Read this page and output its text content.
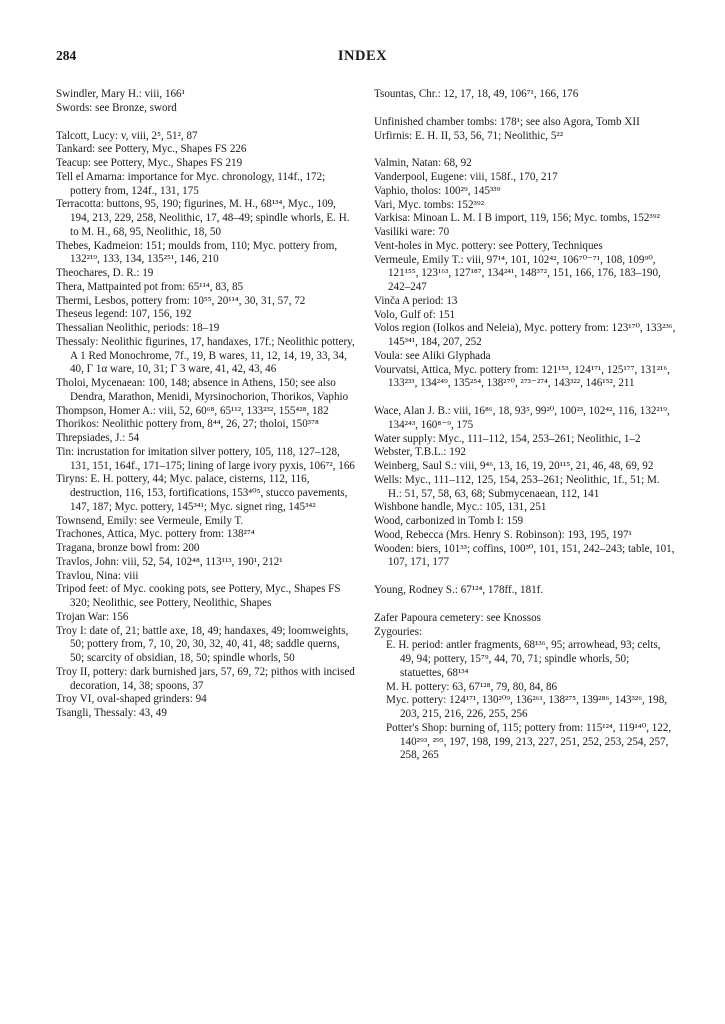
284	INDEX

Swindler, Mary H.: viii, 166¹

Swords: see Bronze, sword

Talcott, Lucy: v, viii, 2⁵, 51², 87

Tankard: see Pottery, Myc., Shapes FS 226

Teacup: see Pottery, Myc., Shapes FS 219

Tell el Amarna: importance for Myc. chronology, 114f., 172; pottery from, 124f., 131, 175

Terracotta: buttons, 95, 190; figurines, M. H., 68¹³⁴, Myc., 109, 194, 213, 229, 258, Neolithic, 17, 48–49; spindle whorls, E. H. to M. H., 68, 95, Neolithic, 18, 50

Thebes, Kadmeion: 151; moulds from, 110; Myc. pottery from, 132²¹⁹, 133, 134, 135²⁵¹, 146, 210

Theochares, D. R.: 19

Thera, Mattpainted pot from: 65¹¹⁴, 83, 85

Thermi, Lesbos, pottery from: 10⁵⁵, 20¹¹⁴, 30, 31, 57, 72

Theseus legend: 107, 156, 192

Thessalian Neolithic, periods: 18–19

Thessaly: Neolithic figurines, 17, handaxes, 17f.; Neolithic pottery, A 1 Red Monochrome, 7f., 19, B wares, 11, 12, 14, 19, 33, 34, 40, Γ 1α ware, 10, 31; Γ 3 ware, 41, 42, 43, 46

Tholoi, Mycenaean: 100, 148; absence in Athens, 150; see also Dendra, Marathon, Menidi, Myrsinochorion, Thorikos, Vaphio

Thompson, Homer A.: viii, 52, 60⁶⁸, 65¹¹², 133²³², 155⁴²⁸, 182

Thorikos: Neolithic pottery from, 8⁴⁴, 26, 27; tholoi, 150³⁷⁸

Threpsiades, J.: 54

Tin: incrustation for imitation silver pottery, 105, 118, 127–128, 131, 151, 164f., 171–175; lining of large ivory pyxis, 106⁷², 166

Tiryns: E. H. pottery, 44; Myc. palace, cisterns, 112, 116, destruction, 116, 153, fortifications, 153⁴⁰⁵, stucco pavements, 147, 187; Myc. pottery, 145³⁴¹; Myc. signet ring, 145³⁴²

Townsend, Emily: see Vermeule, Emily T.

Trachones, Attica, Myc. pottery from: 138²⁷⁴

Tragana, bronze bowl from: 200

Travlos, John: viii, 52, 54, 102⁴⁸, 113¹¹³, 190¹, 212¹

Travlou, Nina: viii

Tripod feet: of Myc. cooking pots, see Pottery, Myc., Shapes FS 320; Neolithic, see Pottery, Neolithic, Shapes

Trojan War: 156

Troy I: date of, 21; battle axe, 18, 49; handaxes, 49; loomweights, 50; pottery from, 7, 10, 20, 30, 32, 40, 41, 48; saddle querns, 50; scarcity of obsidian, 18, 50; spindle whorls, 50

Troy II, pottery: dark burnished jars, 57, 69, 72; pithos with incised decoration, 14, 38; spoons, 37

Troy VI, oval-shaped grinders: 94

Tsangli, Thessaly: 43, 49

Tsountas, Chr.: 12, 17, 18, 49, 106⁷¹, 166, 176

Unfinished chamber tombs: 178¹; see also Agora, Tomb XII

Urfirnis: E. H. II, 53, 56, 71; Neolithic, 5²²

Valmin, Natan: 68, 92

Vanderpool, Eugene: viii, 158f., 170, 217

Vaphio, tholos: 100²⁹, 145³³⁹

Vari, Myc. tombs: 152³⁹²

Varkisa: Minoan L. M. I B import, 119, 156; Myc. tombs, 152³⁹²

Vasiliki ware: 70

Vent-holes in Myc. pottery: see Pottery, Techniques

Vermeule, Emily T.: viii, 97¹⁴, 101, 102⁴², 106⁷⁰⁻⁷¹, 108, 109⁹⁰, 121¹⁵⁵, 123¹⁶³, 127¹⁸⁷, 134²⁴¹, 148³⁷², 151, 166, 176, 183–190, 242–247

Vinča A period: 13

Volo, Gulf of: 151

Volos region (Iolkos and Neleia), Myc. pottery from: 123¹⁷⁰, 133²³⁶, 145³⁴¹, 184, 207, 252

Voula: see Aliki Glyphada

Vourvatsi, Attica, Myc. pottery from: 121¹⁵³, 124¹⁷¹, 125¹⁷⁷, 131²¹⁶, 133²³³, 134²⁴⁹, 135²⁵⁴, 138²⁷⁰, ²⁷³⁻²⁷⁴, 143³²², 146¹⁵², 211

Wace, Alan J. B.: viii, 16⁸⁶, 18, 93⁵, 99²⁰, 100²³, 102⁴², 116, 132²¹⁹, 134²⁴³, 160⁸⁻⁹, 175

Water supply: Myc., 111–112, 154, 253–261; Neolithic, 1–2

Webster, T.B.L.: 192

Weinberg, Saul S.: viii, 9⁴⁶, 13, 16, 19, 20¹¹⁵, 21, 46, 48, 69, 92

Wells: Myc., 111–112, 125, 154, 253–261; Neolithic, 1f., 51; M. H.: 51, 57, 58, 63, 68; Submycenaean, 112, 141

Wishbone handle, Myc.: 105, 131, 251

Wood, carbonized in Tomb I: 159

Wood, Rebecca (Mrs. Henry S. Robinson): 193, 195, 197¹

Wooden: biers, 101³³; coffins, 100³⁰, 101, 151, 242–243; table, 101, 107, 171, 177

Young, Rodney S.: 67¹²⁴, 178ff., 181f.

Zafer Papoura cemetery: see Knossos

Zygouries:

E. H. period: antler fragments, 68¹³⁶, 95; arrowhead, 93; celts, 49, 94; pottery, 15⁷⁹, 44, 70, 71; spindle whorls, 50; statuettes, 68¹³⁴

M. H. pottery: 63, 67¹²⁸, 79, 80, 84, 86

Myc. pottery: 124¹⁷¹, 130²⁰⁹, 136²⁶¹, 138²⁷⁵, 139²⁸⁶, 143³²⁶, 198, 203, 215, 216, 226, 255, 256

Potter's Shop: burning of, 115; pottery from: 115¹²⁴, 119¹⁴⁰, 122, 140²⁹³, ²⁹⁵, 197, 198, 199, 213, 227, 251, 252, 253, 254, 257, 258, 265
